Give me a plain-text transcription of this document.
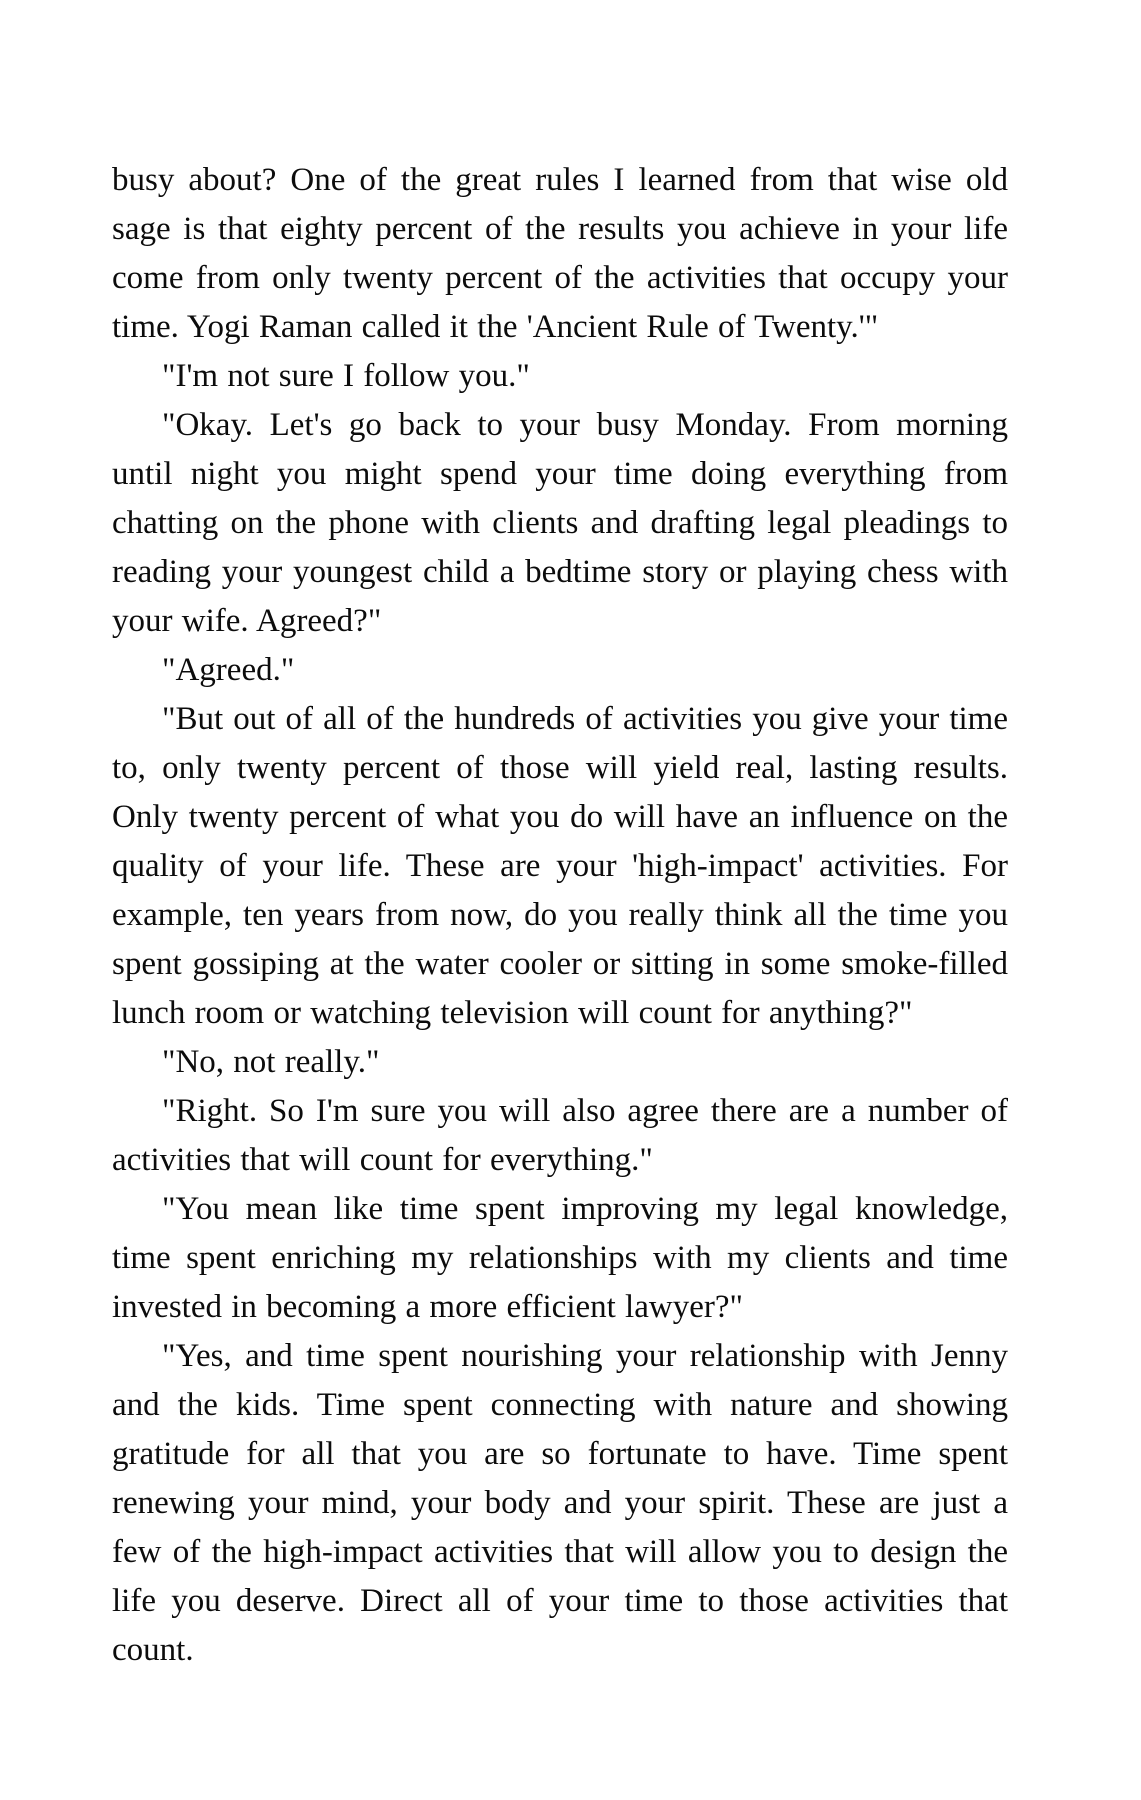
busy about? One of the great rules I learned from that wise old sage is that eighty percent of the results you achieve in your life come from only twenty percent of the activities that occupy your time. Yogi Raman called it the 'Ancient Rule of Twenty.'"

"I'm not sure I follow you."

"Okay. Let's go back to your busy Monday. From morning until night you might spend your time doing everything from chatting on the phone with clients and drafting legal pleadings to reading your youngest child a bedtime story or playing chess with your wife. Agreed?"

"Agreed."

"But out of all of the hundreds of activities you give your time to, only twenty percent of those will yield real, lasting results. Only twenty percent of what you do will have an influence on the quality of your life. These are your 'high-impact' activities. For example, ten years from now, do you really think all the time you spent gossiping at the water cooler or sitting in some smoke-filled lunch room or watching television will count for anything?"

"No, not really."

"Right. So I'm sure you will also agree there are a number of activities that will count for everything."

"You mean like time spent improving my legal knowledge, time spent enriching my relationships with my clients and time invested in becoming a more efficient lawyer?"

"Yes, and time spent nourishing your relationship with Jenny and the kids. Time spent connecting with nature and showing gratitude for all that you are so fortunate to have. Time spent renewing your mind, your body and your spirit. These are just a few of the high-impact activities that will allow you to design the life you deserve. Direct all of your time to those activities that count.
